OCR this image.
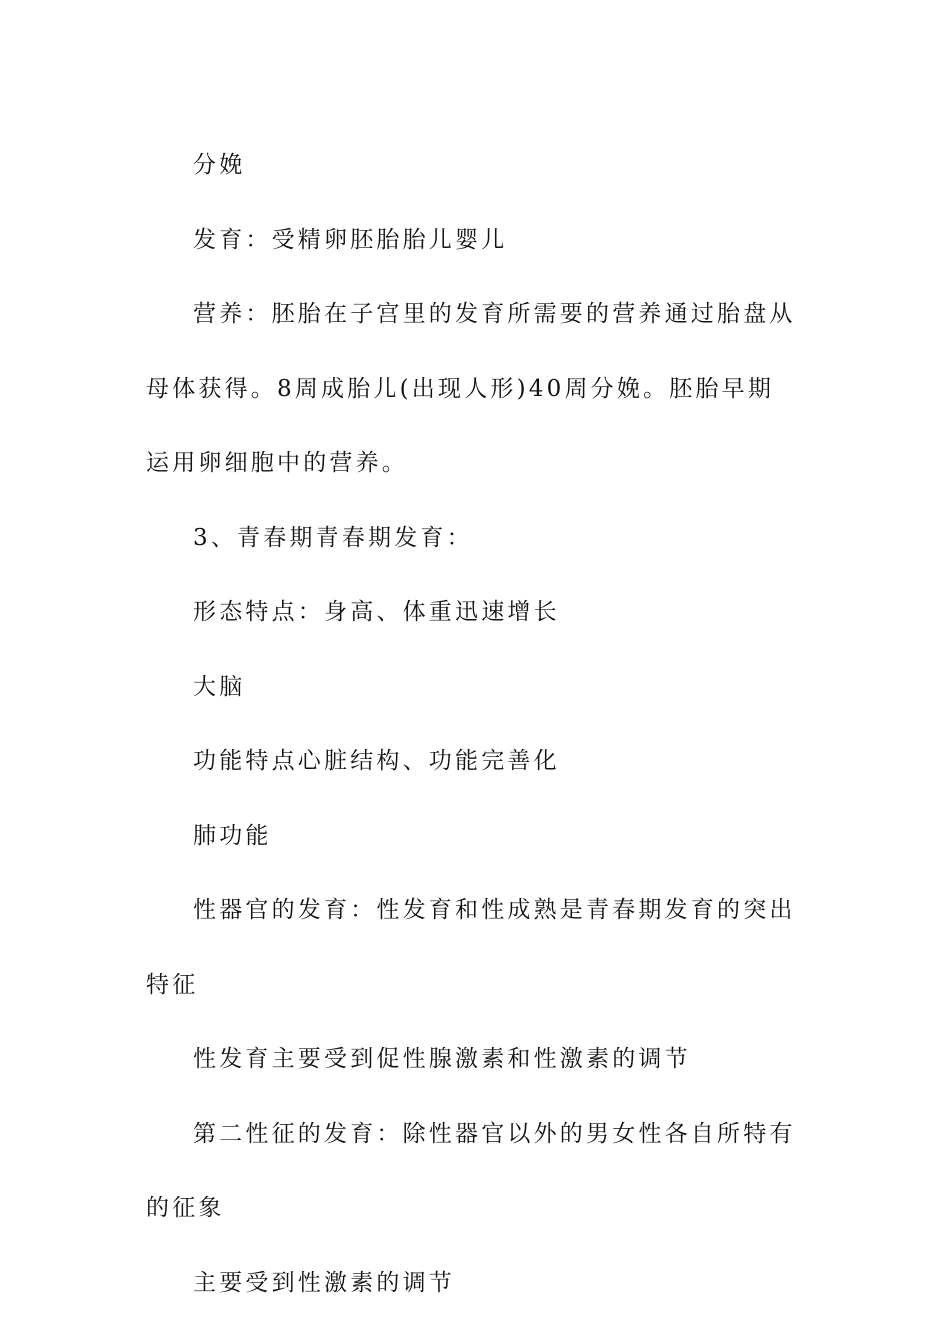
分娩

发育：受精卵胚胎胎儿婴儿

营养：胚胎在子宫里的发育所需要的营养通过胎盘从母体获得。8周成胎儿(出现人形)40周分娩。胚胎早期运用卵细胞中的营养。

3、青春期青春期发育：

形态特点：身高、体重迅速增长

大脑

功能特点心脏结构、功能完善化

肺功能

性器官的发育：性发育和性成熟是青春期发育的突出特征

性发育主要受到促性腺激素和性激素的调节

第二性征的发育：除性器官以外的男女性各自所特有的征象

主要受到性激素的调节
